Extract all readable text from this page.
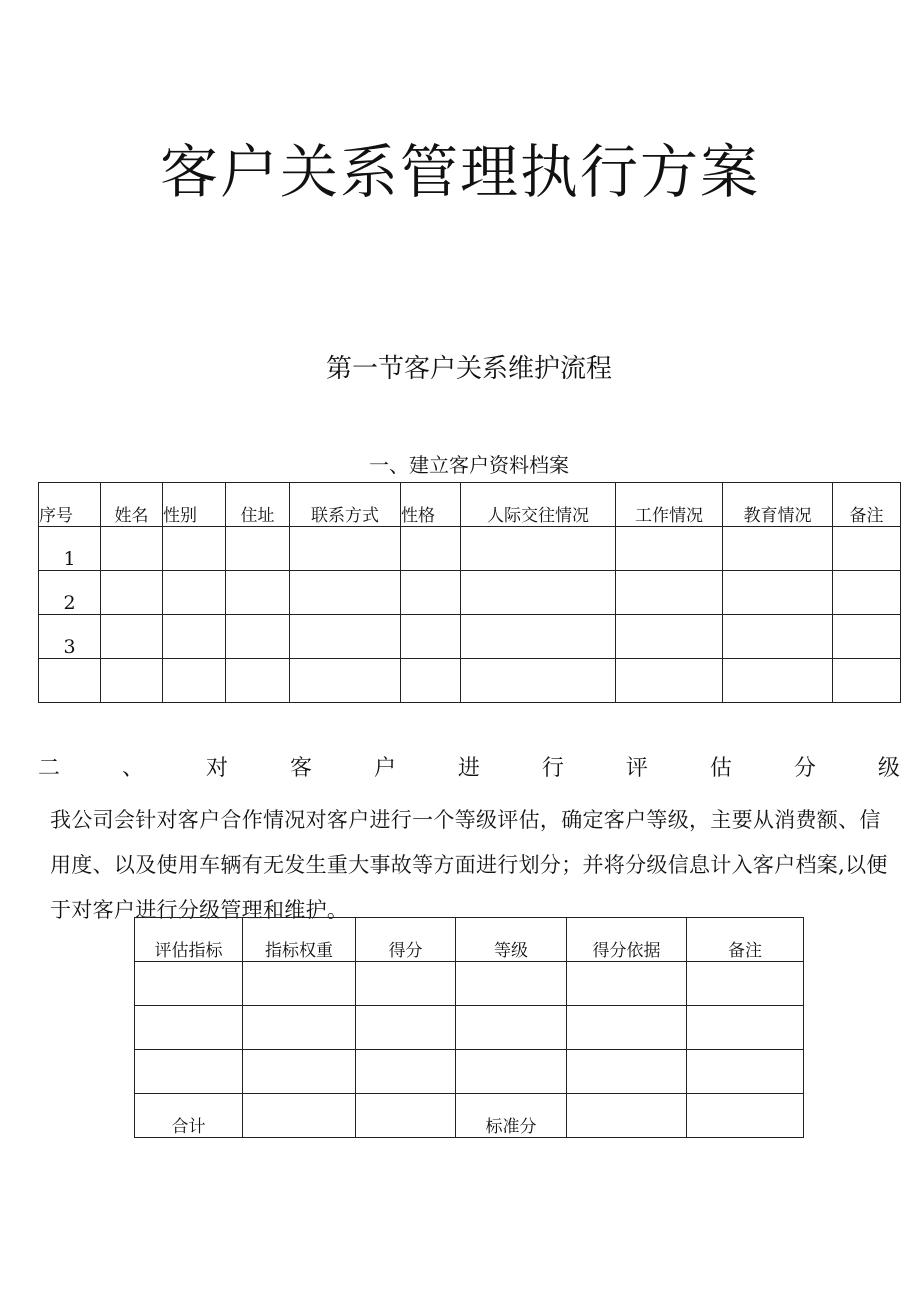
客户关系管理执行方案
第一节客户关系维护流程
一、建立客户资料档案
序号	姓名	性别	住址	联系方式	性格	人际交往情况	工作情况	教育情况	备注
1									
2									
3									

二	、	对	客	户	进	行	评	估	分	级
我公司会针对客户合作情况对客户进行一个等级评估，确定客户等级，主要从消费额、信用度、以及使用车辆有无发生重大事故等方面进行划分；并将分级信息计入客户档案,以便于对客户进行分级管理和维护。
评估指标	指标权重	得分	等级	得分依据	备注

合计			标准分		
